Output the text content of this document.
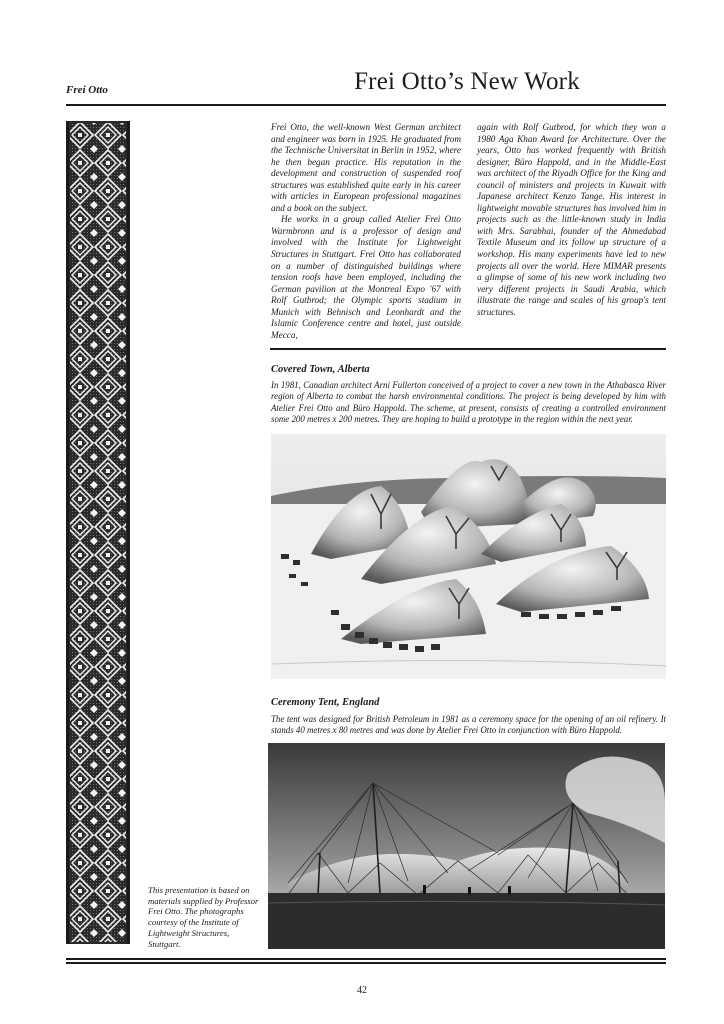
Frei Otto	Frei Otto’s New Work

Frei Otto, the well-known West German architect and engineer was born in 1925. He graduated from the Technische Universitat in Berlin in 1952, where he then began practice. His reputation in the development and construction of suspended roof structures was established quite early in his career with articles in European professional magazines and a book on the subject.

He works in a group called Atelier Frei Otto Warmbronn and is a professor of design and involved with the Institute for Lightweight Structures in Stuttgart. Frei Otto has collaborated on a number of distinguished buildings where tension roofs have been employed, including the German pavilion at the Montreal Expo '67 with Rolf Gutbrod; the Olympic sports stadium in Munich with Behnisch and Leonhardt and the Islamic Conference centre and hotel, just outside Mecca,

again with Rolf Gutbrod, for which they won a 1980 Aga Khan Award for Architecture. Over the years, Otto has worked frequently with British designer, Büro Happold, and in the Middle-East was architect of the Riyadh Office for the King and council of ministers and projects in Kuwait with Japanese architect Kenzo Tange. His interest in lightweight movable structures has involved him in projects such as the little-known study in India with Mrs. Sarabhai, founder of the Ahmedabad Textile Museum and its follow up structure of a workshop. His many experiments have led to new projects all over the world. Here MIMAR presents a glimpse of some of his new work including two very different projects in Saudi Arabia, which illustrate the range and scales of his group's tent structures.

Covered Town, Alberta

In 1981, Canadian architect Arni Fullerton conceived of a project to cover a new town in the Athabasca River region of Alberta to combat the harsh environmental conditions. The project is being developed by him with Atelier Frei Otto and Büro Happold. The scheme, at present, consists of creating a controlled environment some 200 metres x 200 metres. They are hoping to build a prototype in the region within the next year.

Ceremony Tent, England

The tent was designed for British Petroleum in 1981 as a ceremony space for the opening of an oil refinery. It stands 40 metres x 80 metres and was done by Atelier Frei Otto in conjunction with Büro Happold.

This presentation is based on materials supplied by Professor Frei Otto. The photographs courtesy of the Institute of Lightweight Structures, Stuttgart.
42
